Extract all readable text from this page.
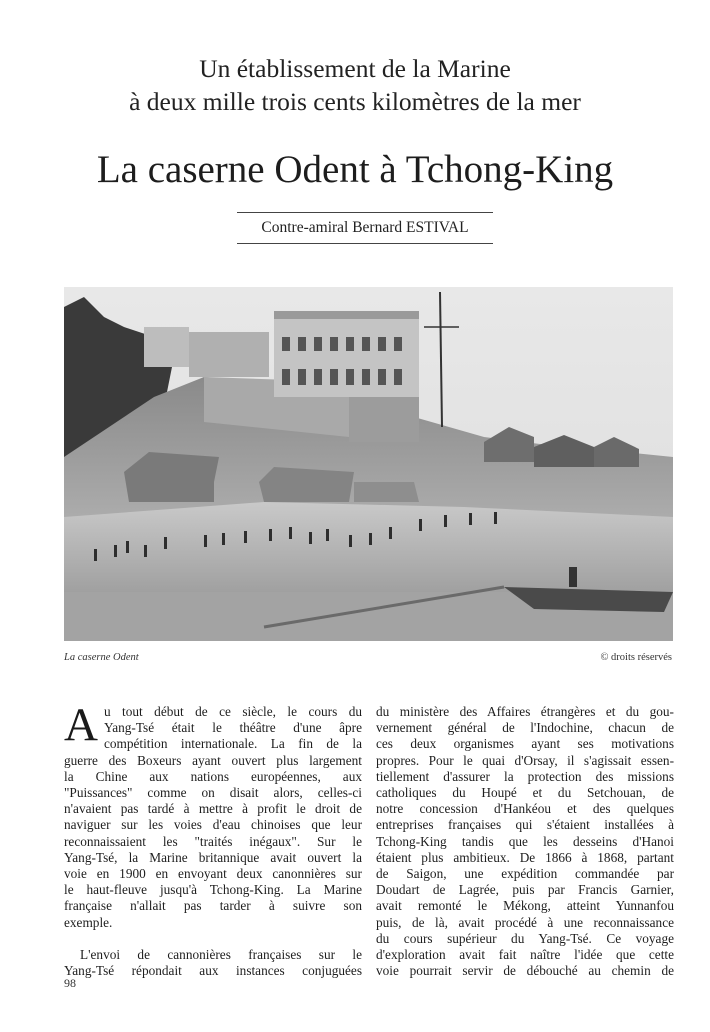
Un établissement de la Marine
à deux mille trois cents kilomètres de la mer
La caserne Odent à Tchong-King
Contre-amiral Bernard ESTIVAL
La caserne Odent	© droits réservés

A u tout début de ce siècle, le cours du
Yang-Tsé était le théâtre d'une âpre
compétition internationale. La fin de la
guerre des Boxeurs ayant ouvert plus largement
la Chine aux nations européennes, aux
"Puissances" comme on disait alors, celles-ci
n'avaient pas tardé à mettre à profit le droit de
naviguer sur les voies d'eau chinoises que leur
reconnaissaient les "traités inégaux". Sur le
Yang-Tsé, la Marine britannique avait ouvert la
voie en 1900 en envoyant deux canonnières sur
le haut-fleuve jusqu'à Tchong-King. La Marine
française n'allait pas tarder à suivre son
exemple.

L'envoi de cannonières françaises sur le
Yang-Tsé répondait aux instances conjuguées

du ministère des Affaires étrangères et du gou-
vernement général de l'Indochine, chacun de
ces deux organismes ayant ses motivations
propres. Pour le quai d'Orsay, il s'agissait essen-
tiellement d'assurer la protection des missions
catholiques du Houpé et du Setchouan, de
notre concession d'Hankéou et des quelques
entreprises françaises qui s'étaient installées à
Tchong-King tandis que les desseins d'Hanoi
étaient plus ambitieux. De 1866 à 1868, partant
de Saigon, une expédition commandée par
Doudart de Lagrée, puis par Francis Garnier,
avait remonté le Mékong, atteint Yunnanfou
puis, de là, avait procédé à une reconnaissance
du cours supérieur du Yang-Tsé. Ce voyage
d'exploration avait fait naître l'idée que cette
voie pourrait servir de débouché au chemin de

98
